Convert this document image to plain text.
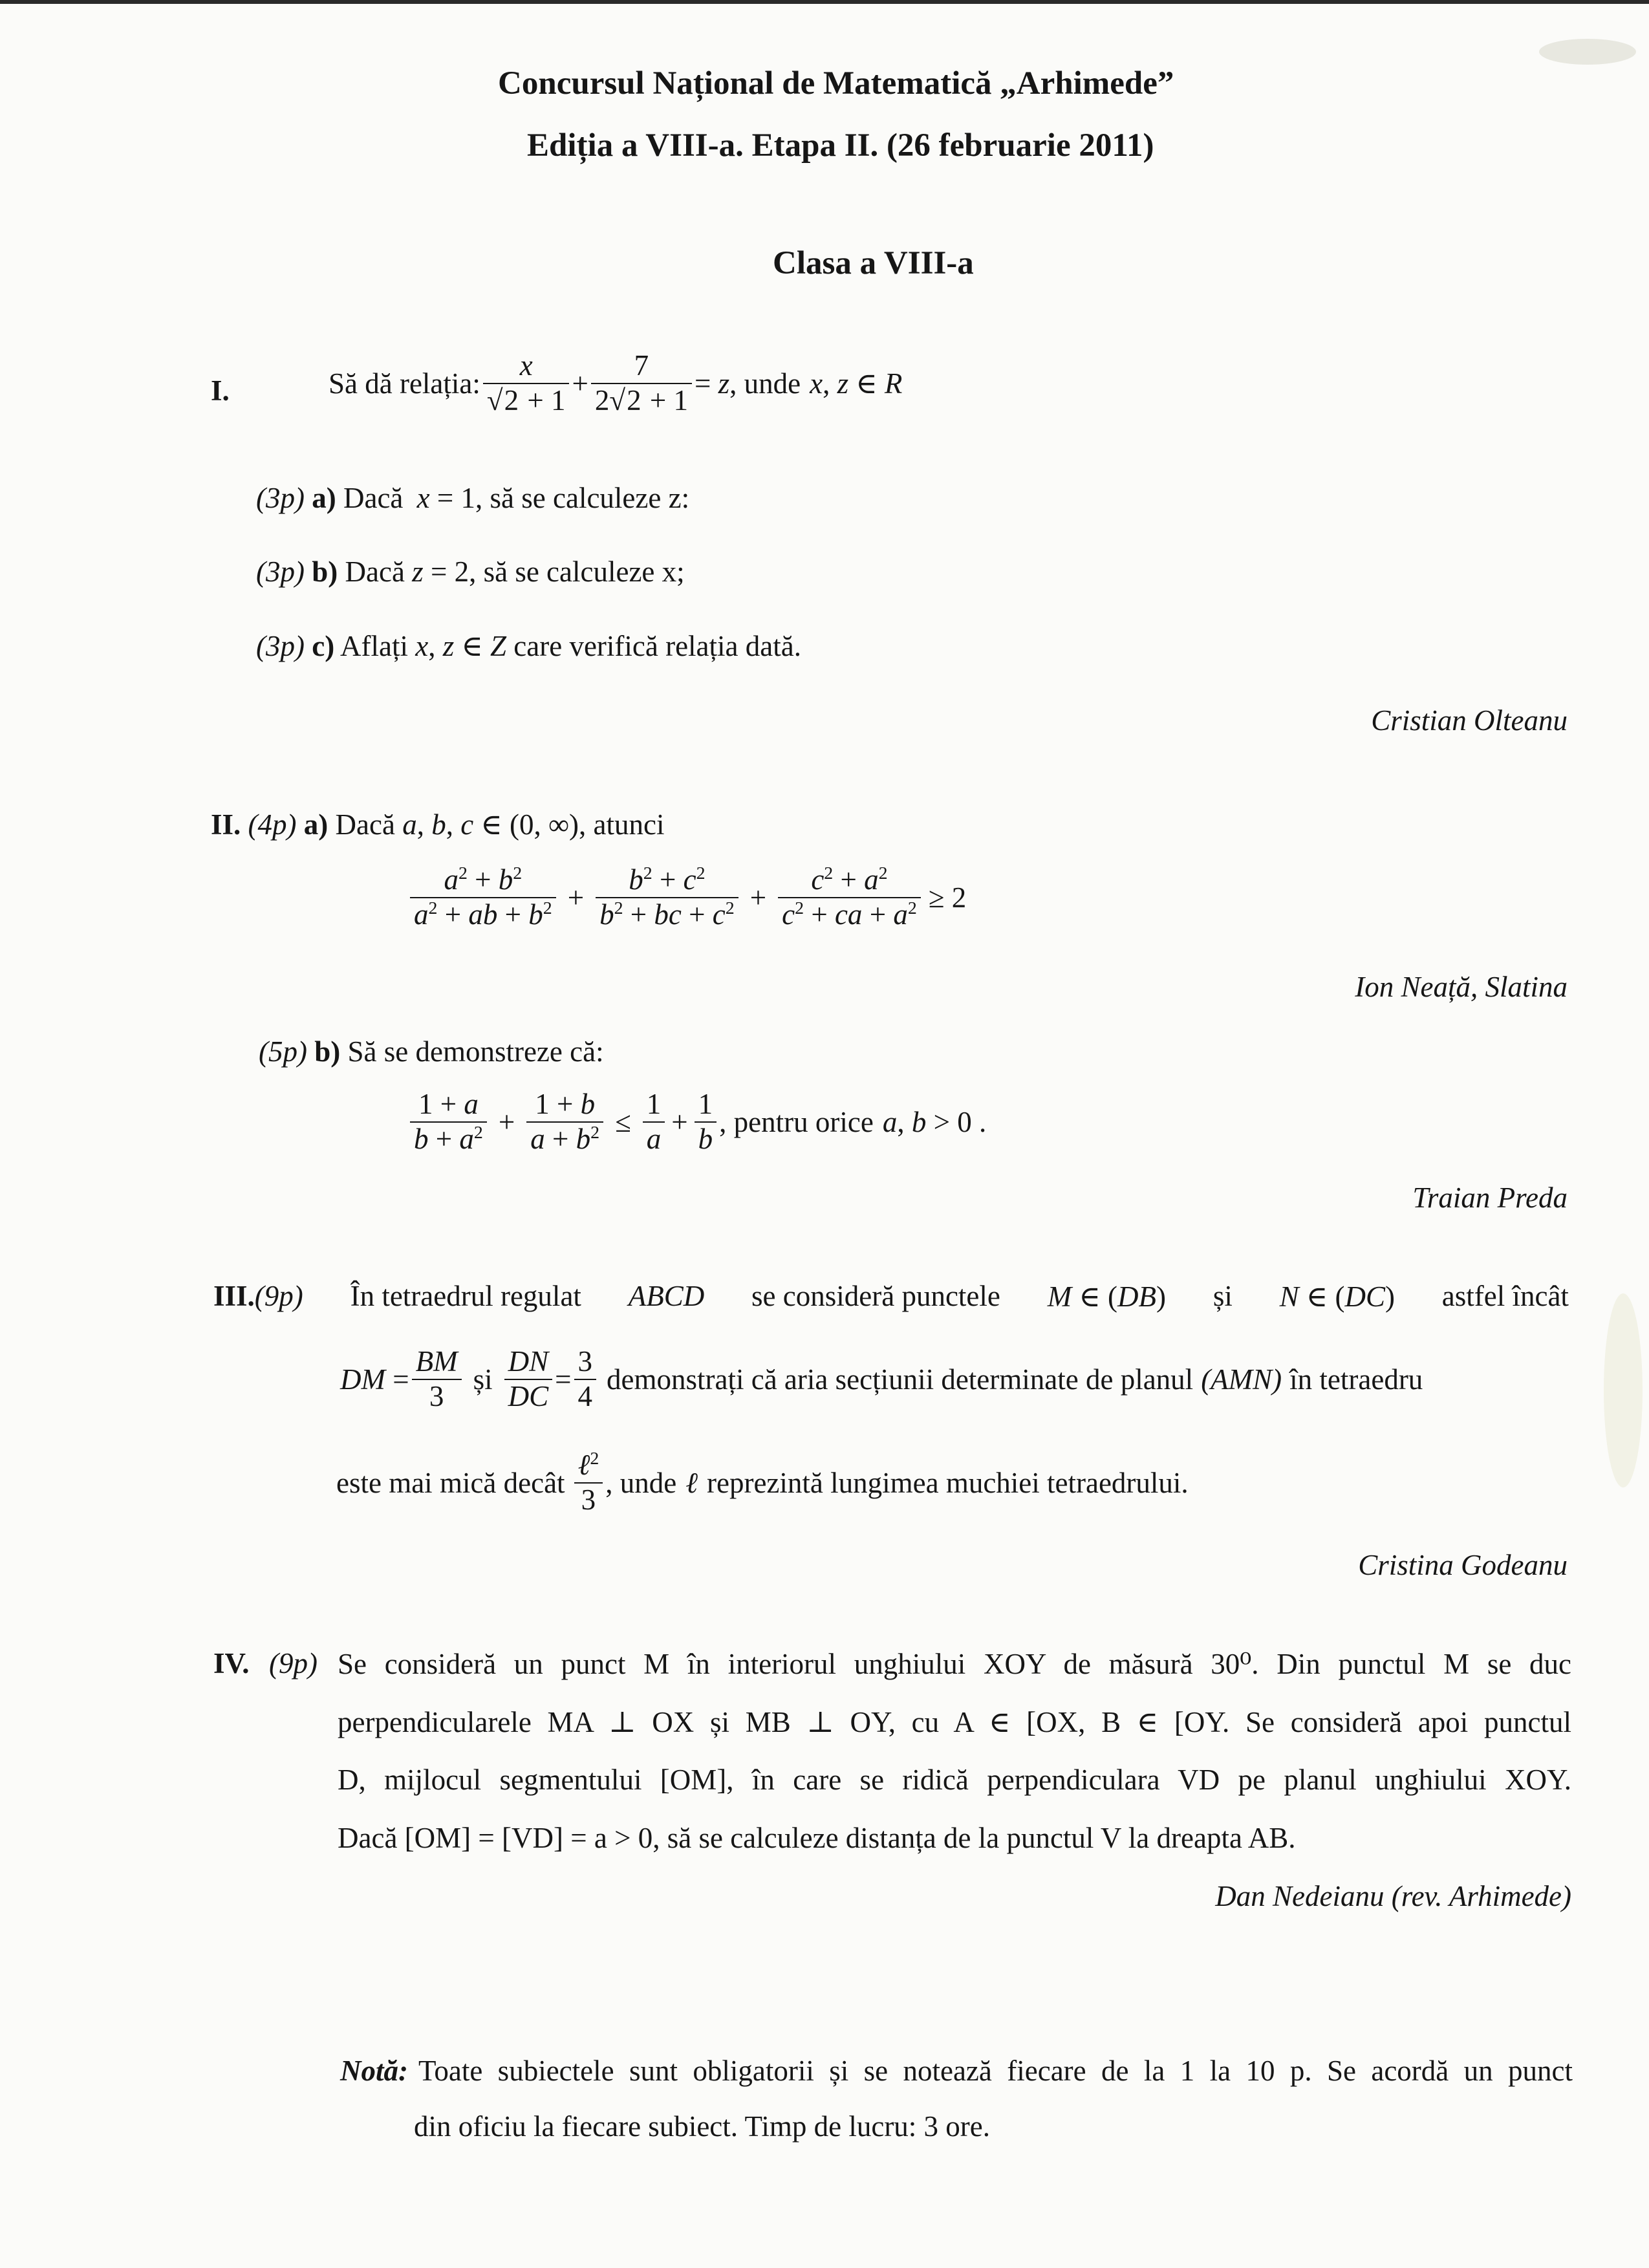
Concursul Național de Matematică „Arhimede”
Ediția a VIII-a. Etapa II. (26 februarie 2011)
Clasa a VIII-a
I.	Să dă relația: $\frac{x}{√2 + 1} + \frac{7}{2√2 + 1} = z$ , unde x, z ∈ R
(3p) a) Dacă x = 1, să se calculeze z:
(3p) b) Dacă z = 2, să se calculeze x;
(3p) c) Aflați x, z ∈ Z care verifică relația dată.
Cristian Olteanu
II. (4p) a) Dacă a, b, c ∈ (0, ∞), atunci
$\frac{a^2 + b^2}{a^2 + ab + b^2} + \frac{b^2 + c^2}{b^2 + bc + c^2} + \frac{c^2 + a^2}{c^2 + ca + a^2} \ge 2$
Ion Neață, Slatina
(5p) b) Să se demonstreze că:
$\frac{1 + a}{b + a^2} + \frac{1 + b}{a + b^2} \le \frac{1}{a} + \frac{1}{b}$ , pentru orice a, b > 0 .
Traian Preda
III.(9p) În tetraedrul regulat ABCD se consideră punctele M ∈ (DB) și N ∈ (DC) astfel încât
DM = $\frac{BM}{3}$ și $\frac{DN}{DC} = \frac{3}{4}$ demonstrați că aria secțiunii determinate de planul (AMN) în tetraedru
este mai mică decât $\frac{\ell^2}{3}$ , unde ℓ reprezintă lungimea muchiei tetraedrului.
Cristina Godeanu
IV. (9p) Se consideră un punct M în interiorul unghiului XOY de măsură 30⁰. Din punctul M se duc
perpendicularele MA ⊥ OX și MB ⊥ OY, cu A ∈ [OX, B ∈ [OY. Se consideră apoi punctul
D, mijlocul segmentului [OM], în care se ridică perpendiculara VD pe planul unghiului XOY.
Dacă [OM] = [VD] = a > 0, să se calculeze distanța de la punctul V la dreapta AB.
Dan Nedeianu (rev. Arhimede)
Notă: Toate subiectele sunt obligatorii și se notează fiecare de la 1 la 10 p. Se acordă un punct
din oficiu la fiecare subiect. Timp de lucru: 3 ore.
